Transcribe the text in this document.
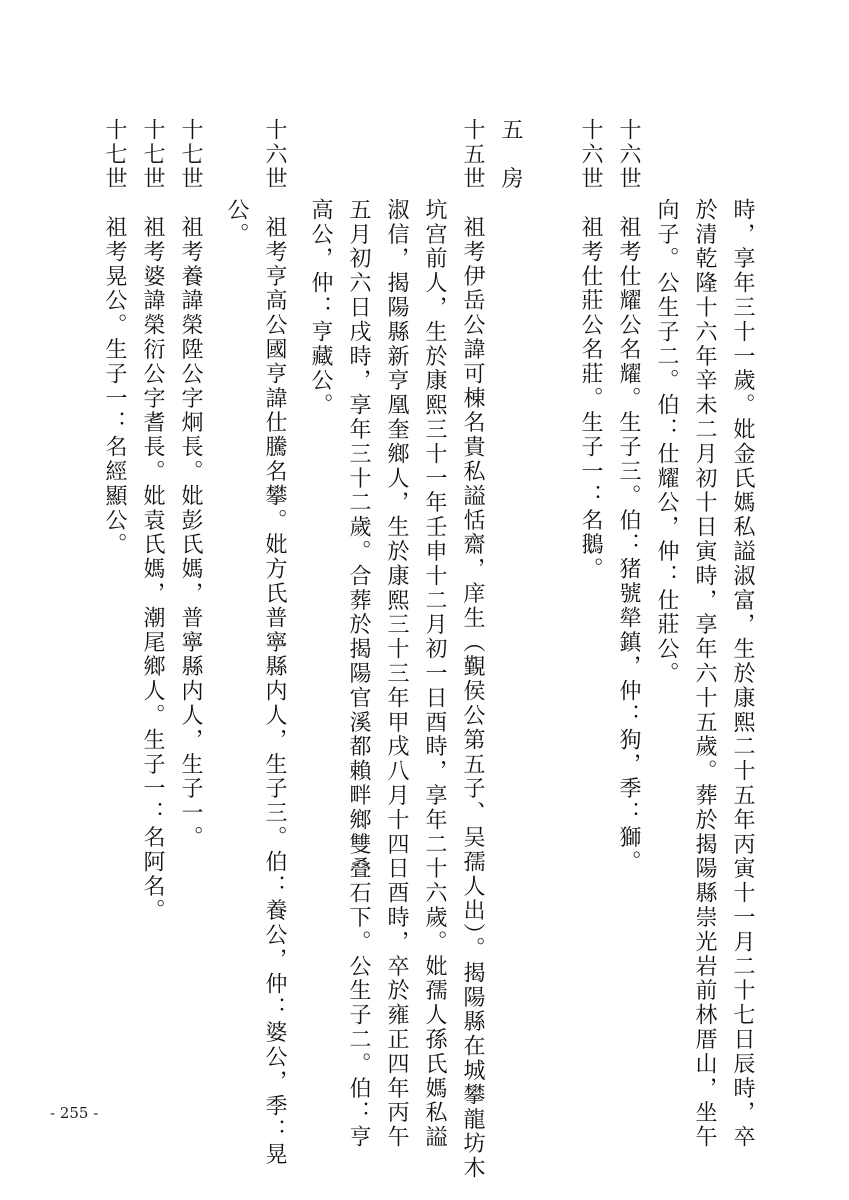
時，享年三十一歲。妣金氏媽私謚淑富，生於康熙二十五年丙寅十一月二十七日辰時，卒
於清乾隆十六年辛未二月初十日寅時，享年六十五歲。葬於揭陽縣崇光岩前林厝山，坐午
向子。公生子二。伯：仕耀公，仲：仕莊公。
十六世　祖考仕耀公名耀。生子三。伯：猪號犖鎮，仲：狗，季：獅。
十六世　祖考仕莊公名莊。生子一：名鵝。
五　房
十五世　祖考伊岳公諱可棟名貴私謚恬齋，庠生（覲侯公第五子、吴孺人出）。揭陽縣在城攀龍坊木
坑宫前人，生於康熙三十一年壬申十二月初一日酉時，享年二十六歲。妣孺人孫氏媽私謚
淑信，揭陽縣新亨凰奎鄉人，生於康熙三十三年甲戌八月十四日酉時，卒於雍正四年丙午
五月初六日戌時，享年三十二歲。合葬於揭陽官溪都賴畔鄉雙叠石下。公生子二。伯：亨
高公，仲：亨藏公。
十六世　祖考亨高公國亨諱仕騰名攀。妣方氏普寧縣内人，生子三。伯：養公，仲：婆公，季：晃
公。
十七世　祖考養諱榮陞公字炯長。妣彭氏媽，普寧縣内人，生子一。
十七世　祖考婆諱榮衍公字耆長。妣袁氏媽，潮尾鄉人。生子一：名阿名。
十七世　祖考晃公。生子一：名經顯公。
- 255 -
